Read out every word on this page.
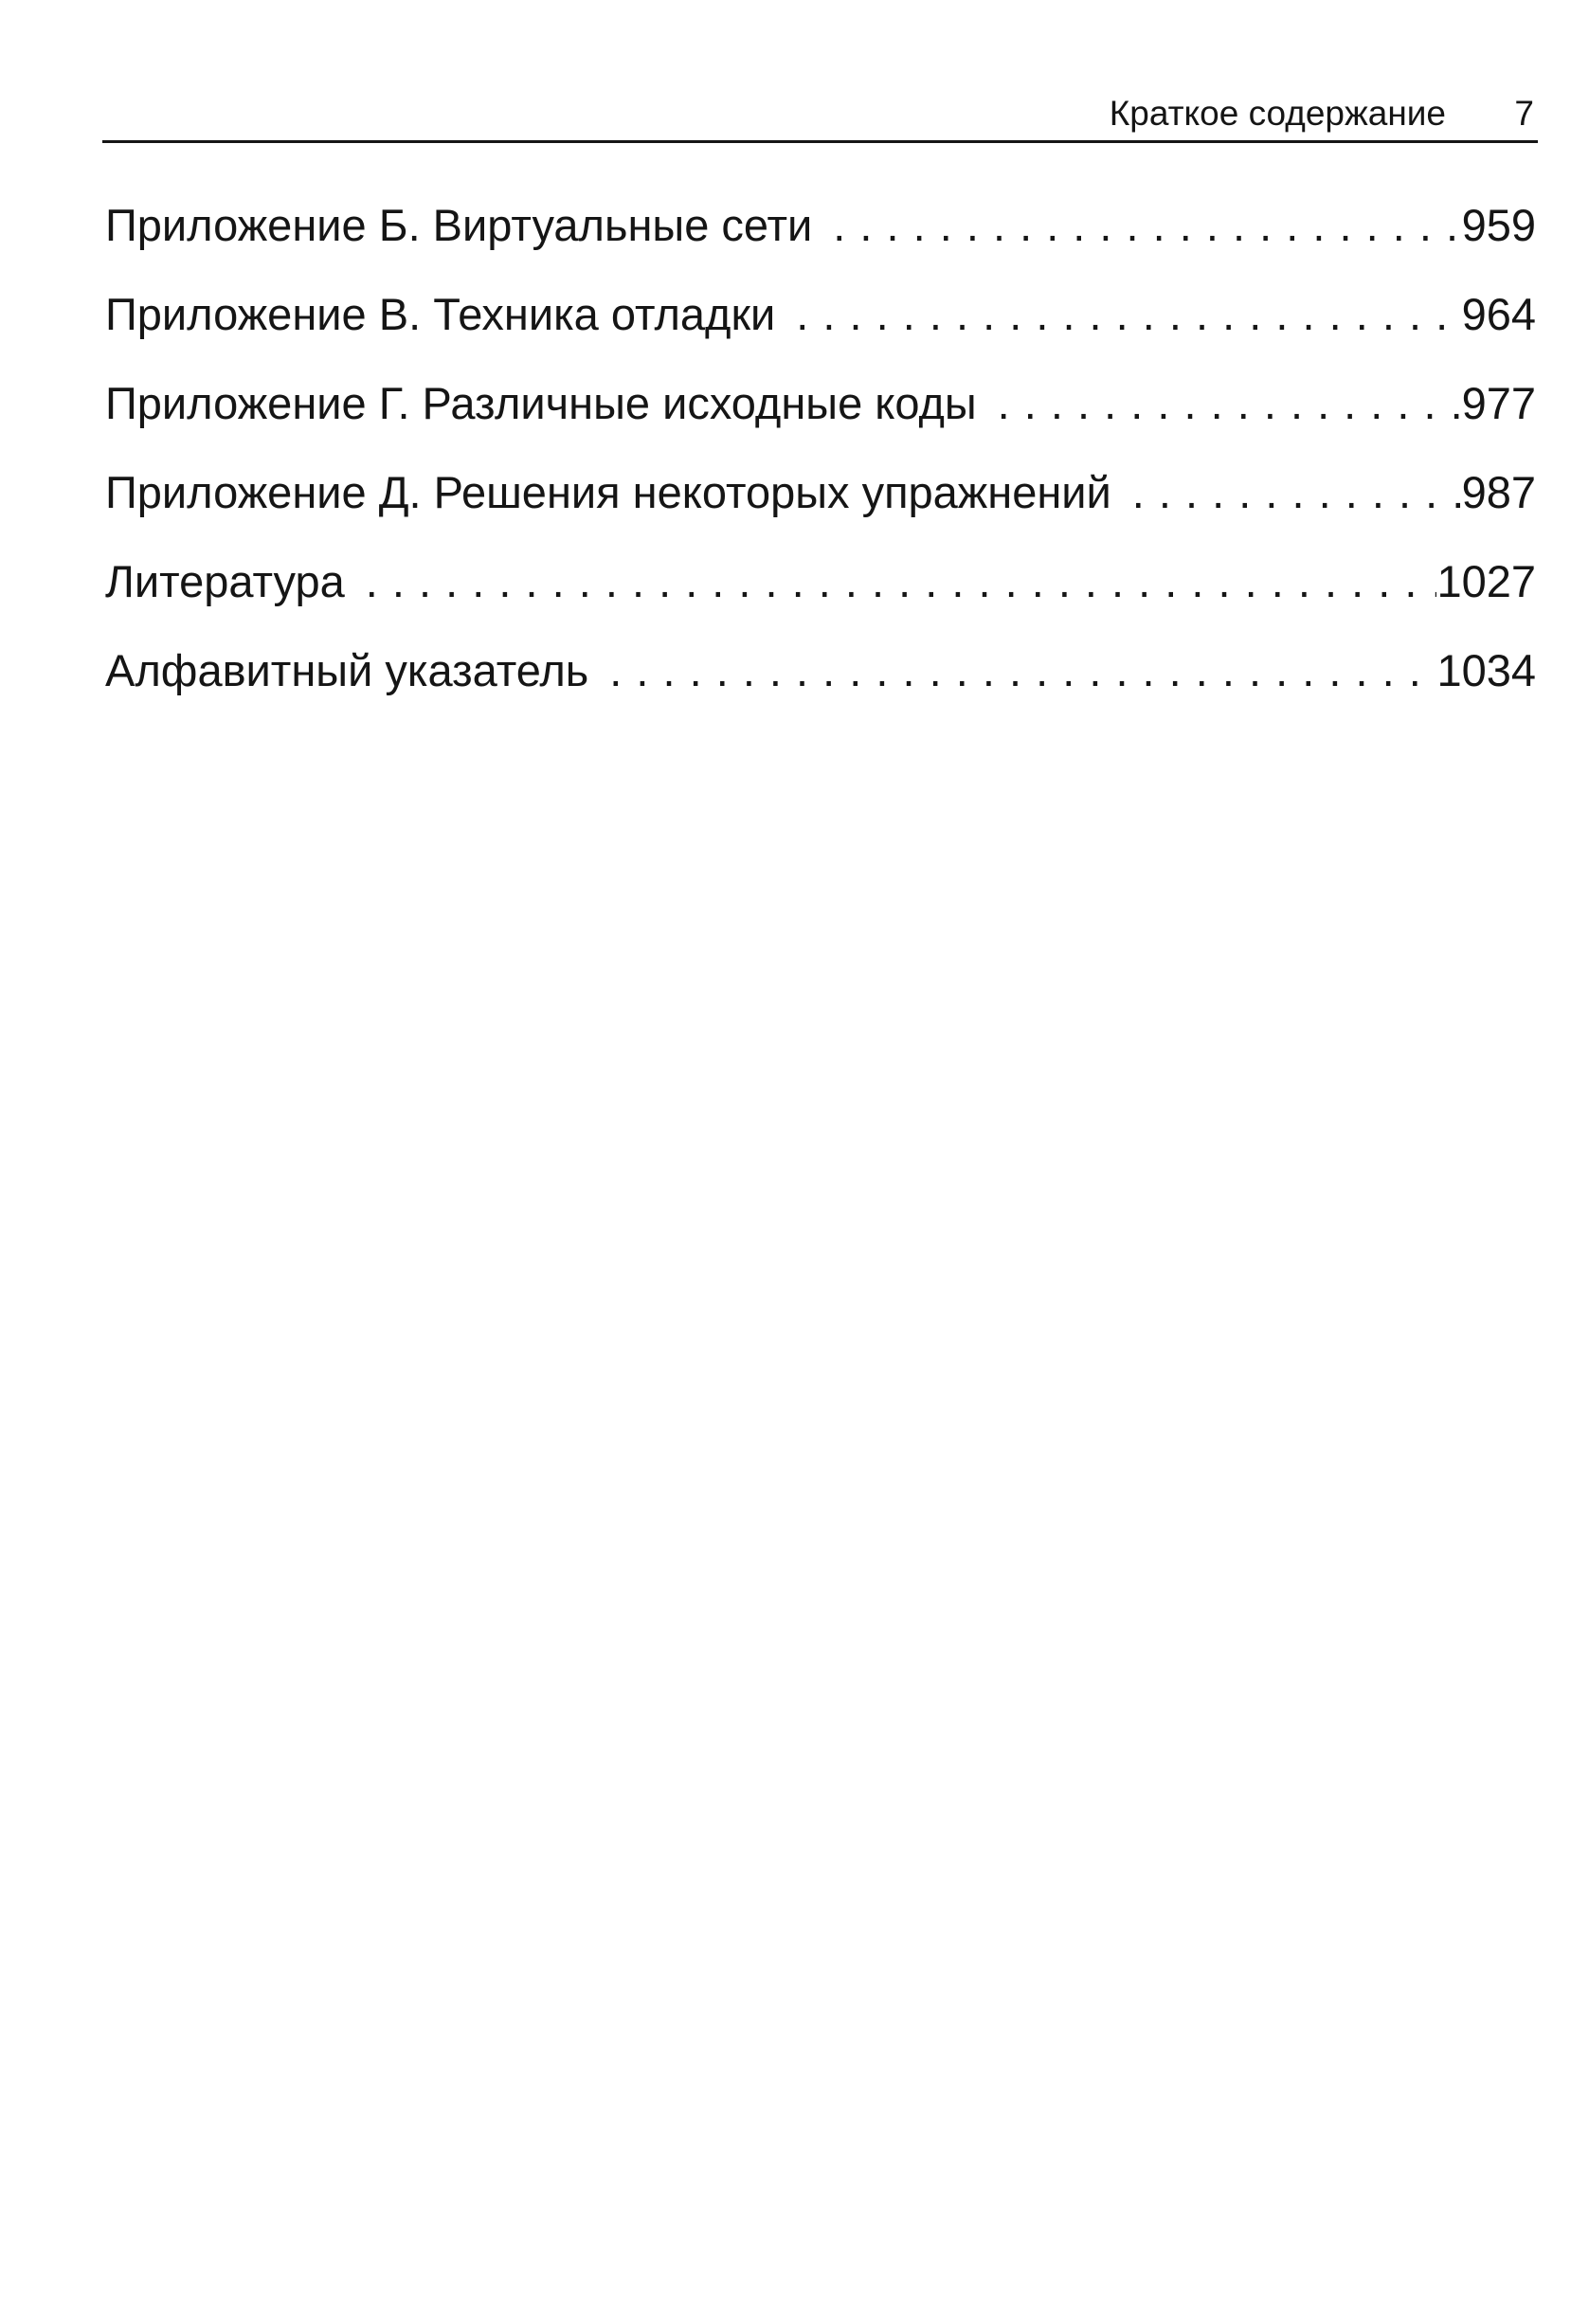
Краткое содержание 7
Приложение Б. Виртуальные сети . . .	959
Приложение В. Техника отладки . . .	964
Приложение Г. Различные исходные коды . . .	977
Приложение Д. Решения некоторых упражнений . . .	987
Литература . . .	1027
Алфавитный указатель . . .	1034
